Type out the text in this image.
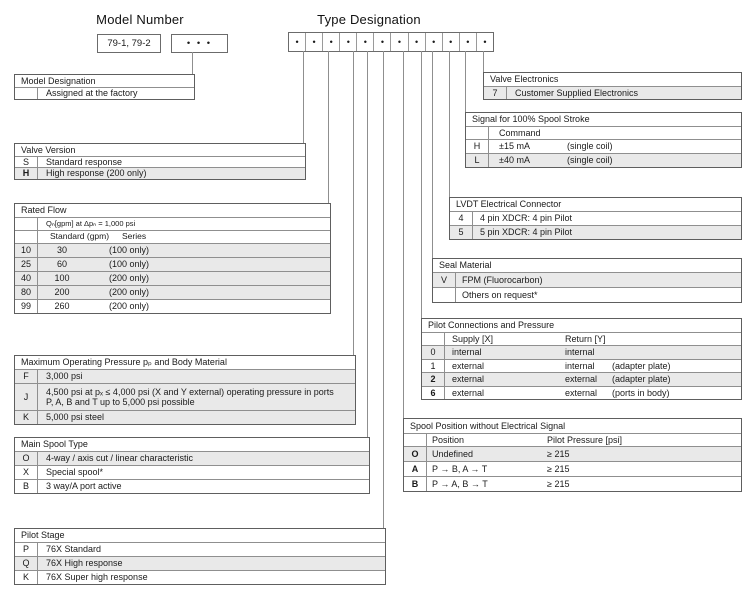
Model Number	Type Designation
79-1, 79-2	• • •	•	•	•	•	•	•	•	•	•	•	•	•
Model Designation
Assigned at the factory
Valve Version
S	Standard response
H	High response (200 only)
Rated Flow
Qₙ[gpm] at Δpₙ = 1,000 psi
Standard (gpm)	Series
10	30	(100 only)
25	60	(100 only)
40	100	(200 only)
80	200	(200 only)
99	260	(200 only)
Maximum Operating Pressure pₚ and Body Material
F	3,000 psi
J
4,500 psi at pₓ ≤ 4,000 psi (X and Y external) operating pressure in ports
P, A, B and T up to 5,000 psi possible
K	5,000 psi steel
Main Spool Type
O	4-way / axis cut / linear characteristic
X	Special spool*
B	3 way/A port active
Pilot Stage
P	76X Standard
Q	76X High response
K	76X Super high response
Valve Electronics
7	Customer Supplied Electronics
Signal for 100% Spool Stroke
Command
H	±15 mA	(single coil)
L	±40 mA	(single coil)
LVDT Electrical Connector
4	4 pin XDCR: 4 pin Pilot
5	5 pin XDCR: 4 pin Pilot
Seal Material
V	FPM (Fluorocarbon)
Others on request*
Pilot Connections and Pressure
Supply [X]	Return [Y]
0	internal	internal
1	external	internal	(adapter plate)
2	external	external	(adapter plate)
6	external	external	(ports in body)
Spool Position without Electrical Signal
Position	Pilot Pressure [psi]
O	Undefined	≥ 215
A	P → B, A → T	≥ 215
B	P → A, B → T	≥ 215
